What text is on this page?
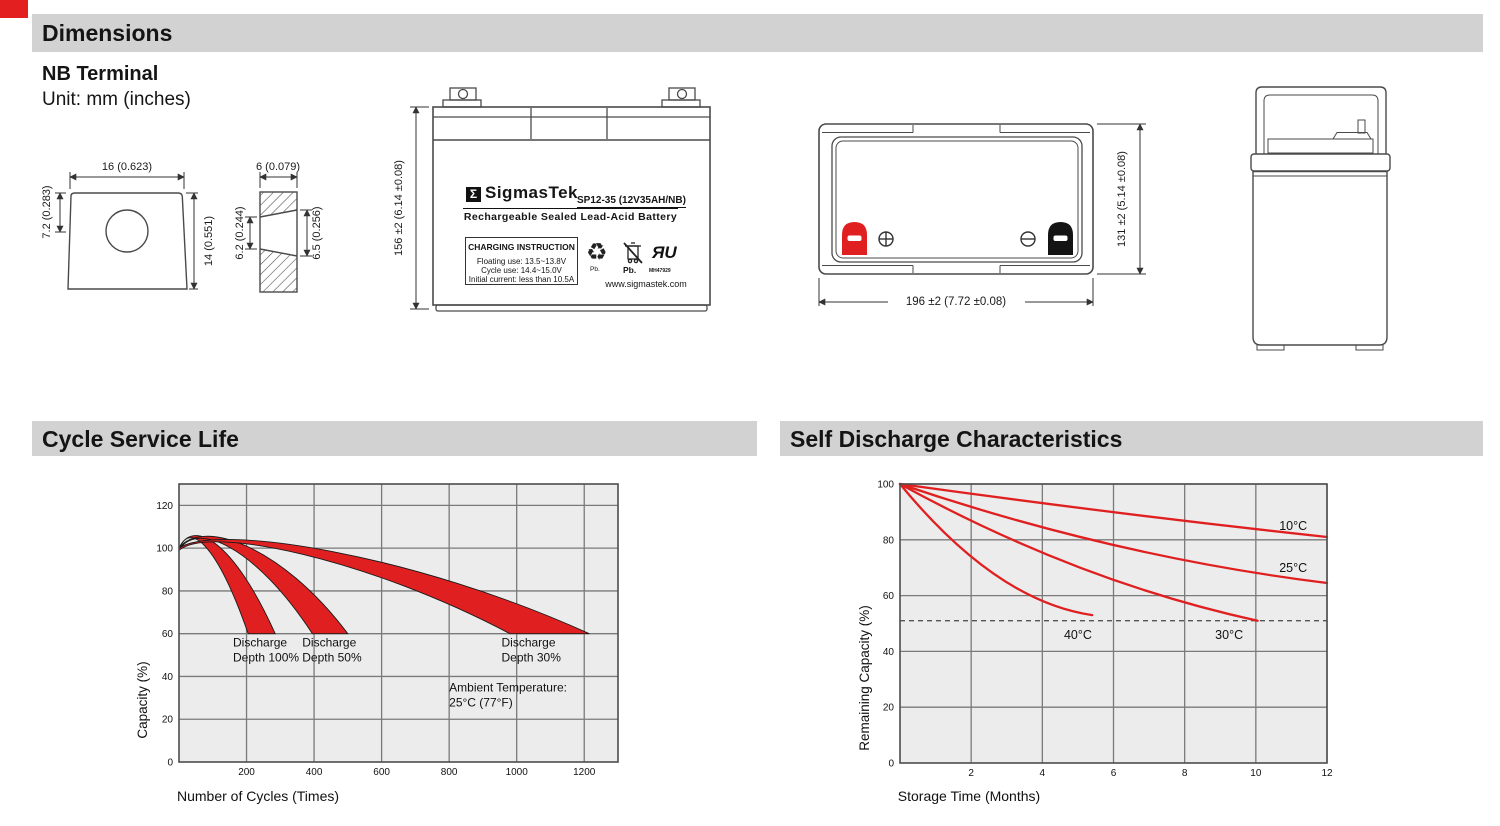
Dimensions
NB Terminal
Unit: mm (inches)
Cycle Service Life	Self Discharge Characteristics
0
20
40
60
80
100
120
200	400	600	800	1000	1200
Discharge
Depth 100%
Discharge
Depth 50%
Discharge
Depth 30%
Ambient Temperature:
25°C (77°F)
Number of Cycles (Times)
Capacity (%)
10°C
25°C
30°C
40°C
0
20
40
60
80
100
2	4	6	8	10	12
Storage Time (Months)
Remaining Capacity (%)
16 (0.623)
7.2 (0.283)
14 (0.551)
6 (0.079)
6.2 (0.244)	6.5 (0.256)	156 ±2 (6.14 ±0.08)
196 ±2 (7.72 ±0.08)
131 ±2 (5.14 ±0.08)
Σ SigmasTek
SP12-35 (12V35AH/NB)
Rechargeable Sealed Lead-Acid Battery
CHARGING INSTRUCTION
Floating use: 13.5~13.8V
Cycle use: 14.4~15.0V
Initial current: less than 10.5A
♻
Pb.	Pb.
ЯU
MH47929
www.sigmastek.com
